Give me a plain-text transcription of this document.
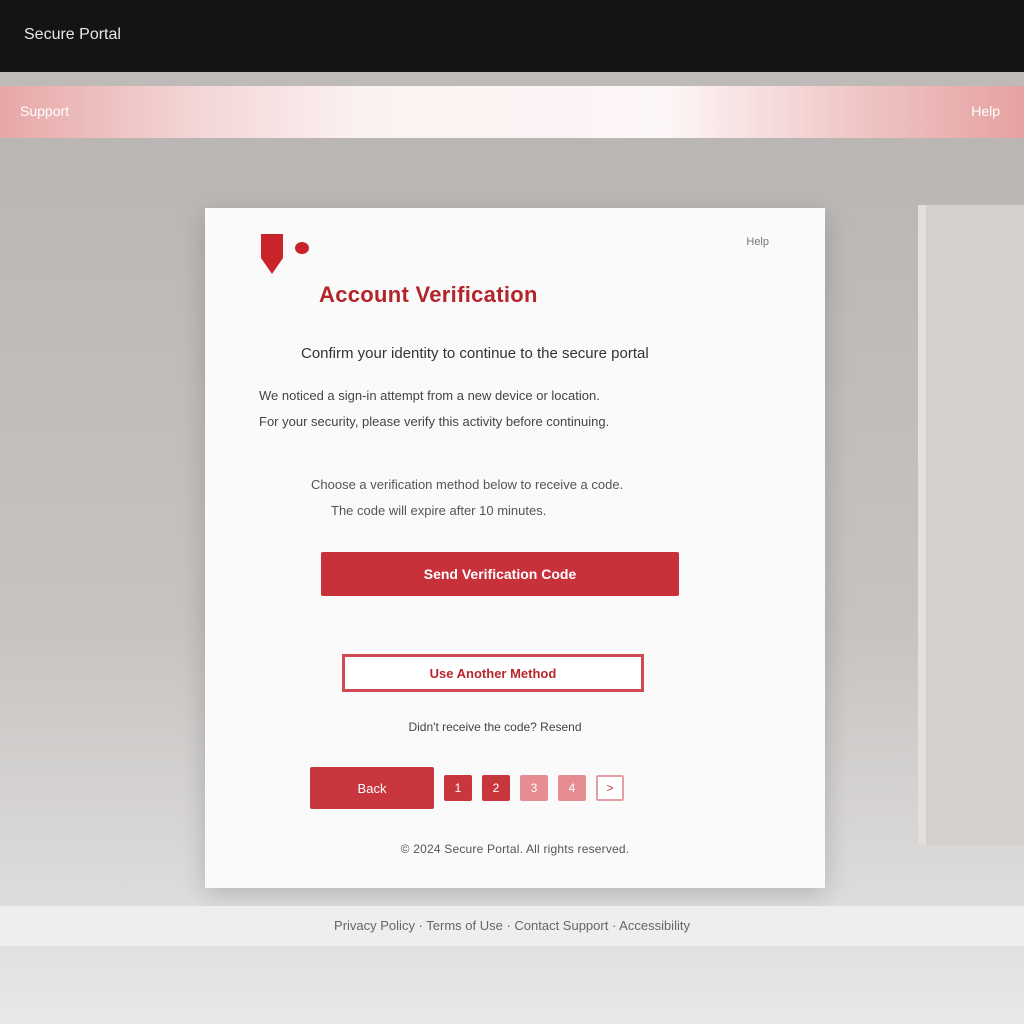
Secure Portal
Support	Help
Help
Account Verification

Confirm your identity to continue to the secure portal

We noticed a sign-in attempt from a new device or location.

For your security, please verify this activity before continuing.

Choose a verification method below to receive a code.

The code will expire after 10 minutes.

Send Verification Code
Use Another Method

Didn't receive the code? Resend

Back	1	2	3	4	>

© 2024 Secure Portal. All rights reserved.

Privacy Policy · Terms of Use · Contact Support · Accessibility
